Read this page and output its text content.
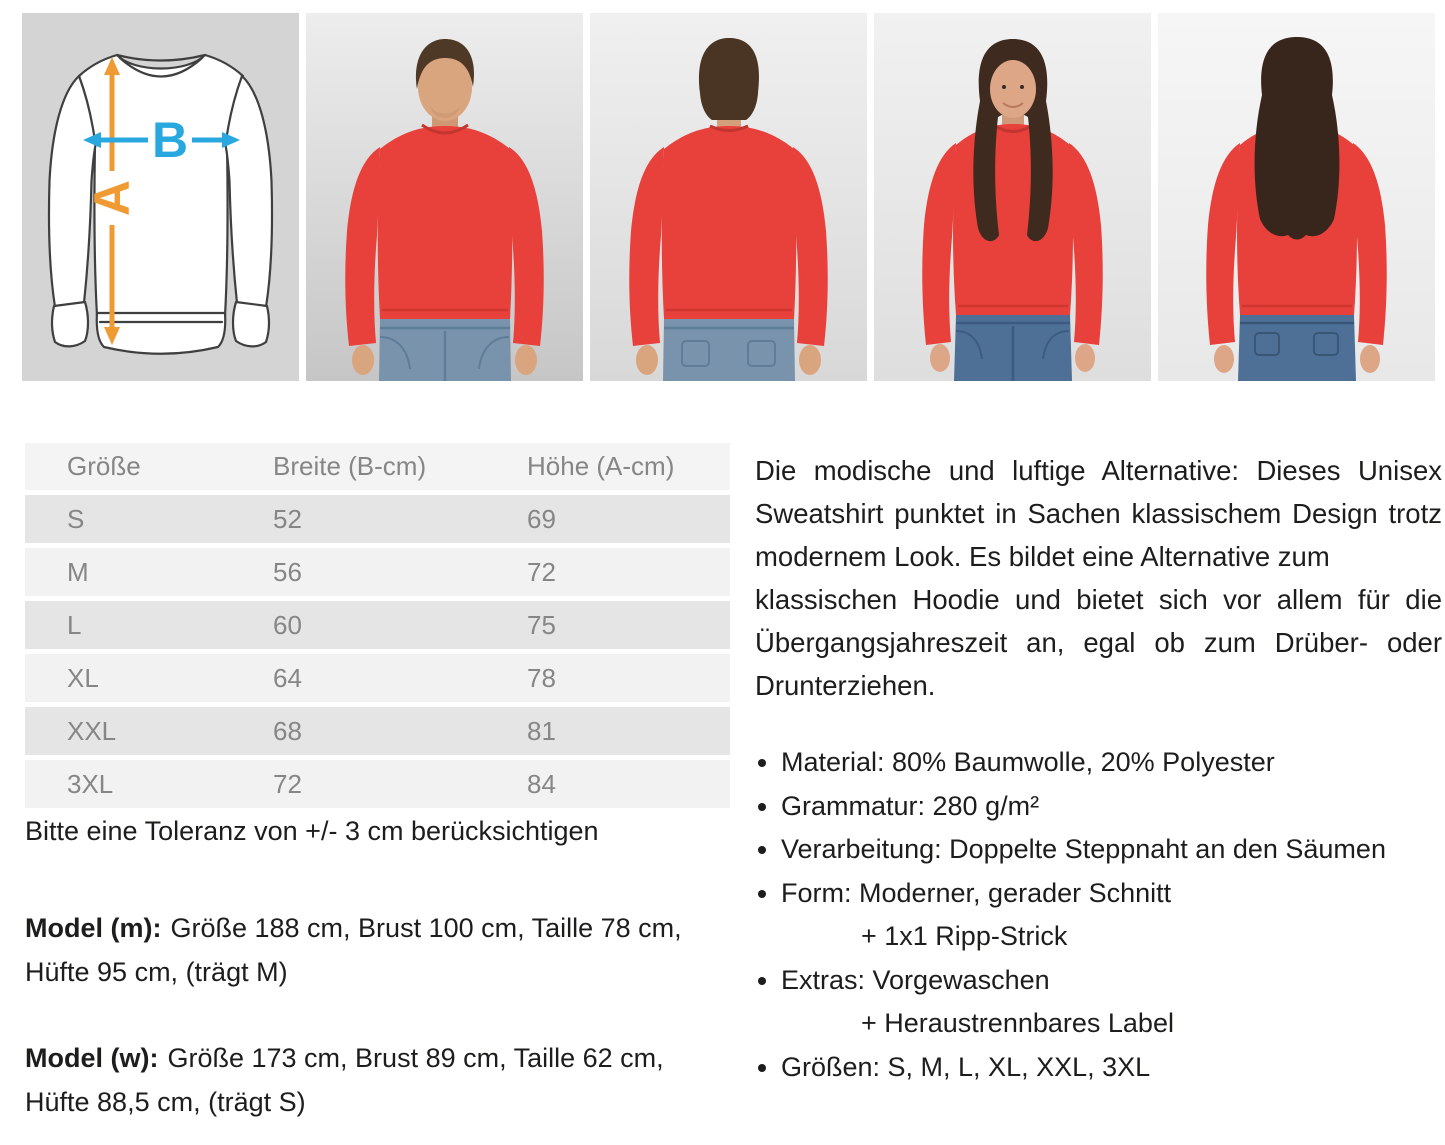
A
B
Größe	Breite (B-cm)	Höhe (A-cm)
S	52	69
M	56	72
L	60	75
XL	64	78
XXL	68	81
3XL	72	84
Bitte eine Toleranz von +/- 3 cm berücksichtigen
Model (m): Größe 188 cm, Brust 100 cm, Taille 78 cm,
Hüfte 95 cm, (trägt M)
Model (w): Größe 173 cm, Brust 89 cm, Taille 62 cm,
Hüfte 88,5 cm, (trägt S)
Die modische und luftige Alternative: Dieses Unisex
Sweatshirt punktet in Sachen klassischem Design trotz
modernem Look. Es bildet eine Alternative zum
klassischen Hoodie und bietet sich vor allem für die
Übergangsjahreszeit an, egal ob zum Drüber- oder
Drunterziehen.
Material: 80% Baumwolle, 20% Polyester
Grammatur: 280 g/m²
Verarbeitung: Doppelte Steppnaht an den Säumen
Form: Moderner, gerader Schnitt
+ 1x1 Ripp-Strick
Extras: Vorgewaschen
+ Heraustrennbares Label
Größen: S, M, L, XL, XXL, 3XL
